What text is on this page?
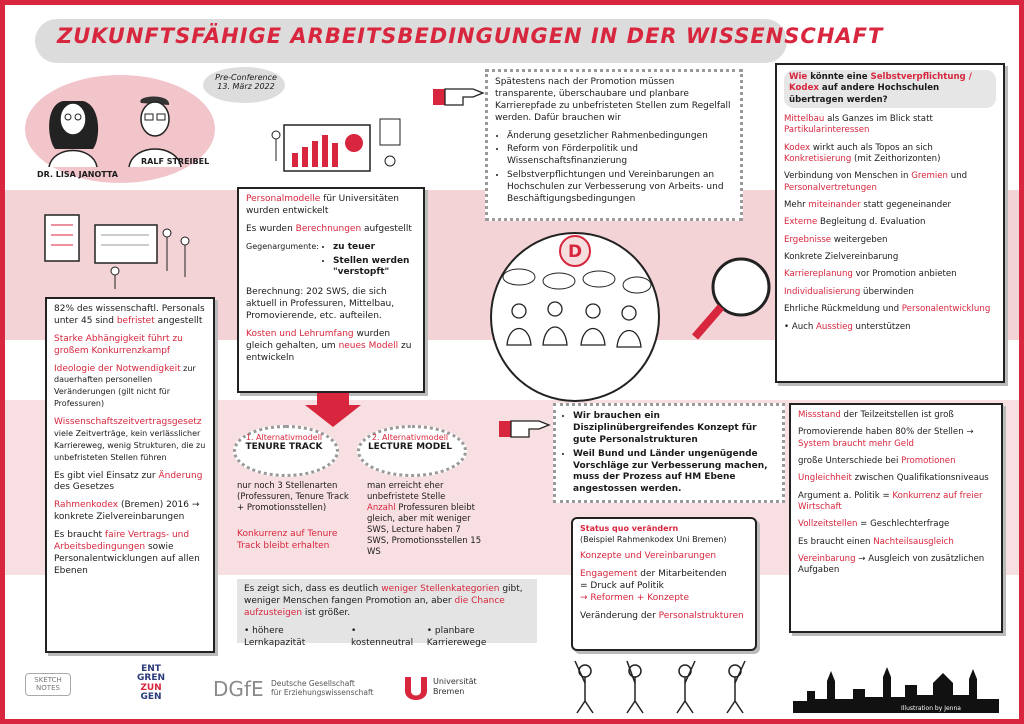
ZUKUNFTSFÄHIGE ARBEITSBEDINGUNGEN IN DER WISSENSCHAFT
DR. LISA JANOTTA
RALF STREIBEL
Pre-Conference
13. März 2022

82% des wissenschaftl. Personals unter 45 sind befristet angestellt

Starke Abhängigkeit führt zu großem Konkurrenzkampf

Ideologie der Notwendigkeit zur dauerhaften personellen Veränderungen (gilt nicht für Professuren)

Wissenschaftszeitvertragsgesetz viele Zeitverträge, kein verlässlicher Karriereweg, wenig Strukturen, die zu unbefristeten Stellen führen

Es gibt viel Einsatz zur Änderung des Gesetzes

Rahmenkodex (Bremen) 2016 → konkrete Zielvereinbarungen

Es braucht faire Vertrags- und Arbeitsbedingungen sowie Personalentwicklungen auf allen Ebenen

Personalmodelle für Universitäten wurden entwickelt

Es wurden Berechnungen aufgestellt

Gegenargumente:
• zu teuer
• Stellen werden "verstopft"

Berechnung: 202 SWS, die sich aktuell in Professuren, Mittelbau, Promovierende, etc. aufteilen.

Kosten und Lehrumfang wurden gleich gehalten, um neues Modell zu entwickeln

1. Alternativmodell
TENURE TRACK
nur noch 3 Stellenarten (Professuren, Tenure Track + Promotionsstellen)
Konkurrenz auf Tenure Track bleibt erhalten
2. Alternativmodell
LECTURE MODEL
man erreicht eher unbefristete Stelle
Anzahl Professuren bleibt gleich, aber mit weniger SWS, Lecture haben 7 SWS, Promotionsstellen 15 WS

Es zeigt sich, dass es deutlich weniger Stellenkategorien gibt, weniger Menschen fangen Promotion an, aber die Chance aufzusteigen ist größer.

• höhere Lernkapazität
• kostenneutral
• planbare Karrierewege

Spätestens nach der Promotion müssen transparente, überschaubare und planbare Karrierepfade zu unbefristeten Stellen zum Regelfall werden. Dafür brauchen wir

• Änderung gesetzlicher Rahmenbedingungen
• Reform von Förderpolitik und Wissenschaftsfinanzierung
• Selbstverpflichtungen und Vereinbarungen an Hochschulen zur Verbesserung von Arbeits- und Beschäftigungsbedingungen
D
• Wir brauchen ein Disziplinübergreifendes Konzept für gute Personalstrukturen
• Weil Bund und Länder ungenügende Vorschläge zur Verbesserung machen, muss der Prozess auf HM Ebene angestossen werden.
Status quo verändern
(Beispiel Rahmenkodex Uni Bremen)
Konzepte und Vereinbarungen
Engagement der Mitarbeitenden
= Druck auf Politik
→ Reformen + Konzepte
Veränderung der Personalstrukturen

Wie könnte eine Selbstverpflichtung / Kodex auf andere Hochschulen übertragen werden?

Mittelbau als Ganzes im Blick statt Partikularinteressen

Kodex wirkt auch als Topos an sich Konkretisierung (mit Zeithorizonten)

Verbindung von Menschen in Gremien und Personalvertretungen

Mehr miteinander statt gegeneinander

Externe Begleitung d. Evaluation

Ergebnisse weitergeben

Konkrete Zielvereinbarung

Karriereplanung vor Promotion anbieten

Individualisierung überwinden

Ehrliche Rückmeldung und Personalentwicklung

• Auch Ausstieg unterstützen

Missstand der Teilzeitstellen ist groß

Promovierende haben 80% der Stellen → System braucht mehr Geld

große Unterschiede bei Promotionen

Ungleichheit zwischen Qualifikationsniveaus

Argument a. Politik = Konkurrenz auf freier Wirtschaft

Vollzeitstellen = Geschlechterfrage

Es braucht einen Nachteilsausgleich

Vereinbarung → Ausgleich von zusätzlichen Aufgaben

Illustration by Jenna
SKETCH NOTES
ENT
GREN
ZUN
GEN	DGfE Deutsche Gesellschaft
für Erziehungswissenschaft
Universität
Bremen
